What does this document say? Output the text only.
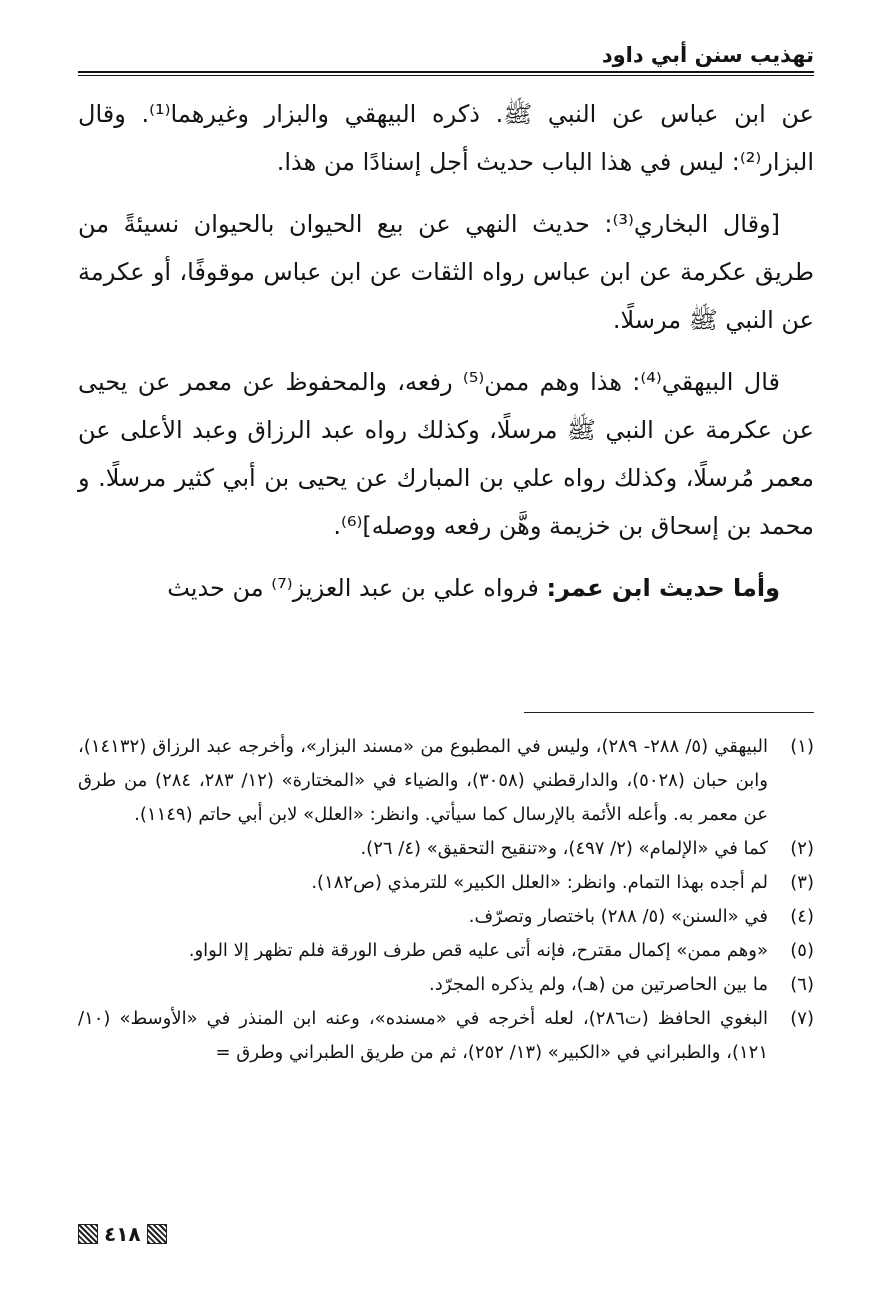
تهذيب سنن أبي داود

عن ابن عباس عن النبي ﷺ. ذكره البيهقي والبزار وغيرهما⁽¹⁾. وقال البزار⁽²⁾: ليس في هذا الباب حديث أجل إسنادًا من هذا.

[وقال البخاري⁽³⁾: حديث النهي عن بيع الحيوان بالحيوان نسيئةً من طريق عكرمة عن ابن عباس رواه الثقات عن ابن عباس موقوفًا، أو عكرمة عن النبي ﷺ مرسلًا.

قال البيهقي⁽⁴⁾: هذا وهم ممن⁽⁵⁾ رفعه، والمحفوظ عن معمر عن يحيى عن عكرمة عن النبي ﷺ مرسلًا، وكذلك رواه عبد الرزاق وعبد الأعلى عن معمر مُرسلًا، وكذلك رواه علي بن المبارك عن يحيى بن أبي كثير مرسلًا. و محمد بن إسحاق بن خزيمة وهَّن رفعه ووصله]⁽⁶⁾.

وأما حديث ابن عمر: فرواه علي بن عبد العزيز⁽⁷⁾ من حديث

(١)
البيهقي (٥/ ٢٨٨- ٢٨٩)، وليس في المطبوع من «مسند البزار»، وأخرجه عبد الرزاق (١٤١٣٢)، وابن حبان (٥٠٢٨)، والدارقطني (٣٠٥٨)، والضياء في «المختارة» (١٢/ ٢٨٣، ٢٨٤) من طرق عن معمر به. وأعله الأئمة بالإرسال كما سيأتي. وانظر: «العلل» لابن أبي حاتم (١١٤٩).
(٢)
كما في «الإلمام» (٢/ ٤٩٧)، و«تنقيح التحقيق» (٤/ ٢٦).
(٣)
لم أجده بهذا التمام. وانظر: «العلل الكبير» للترمذي (ص١٨٢).
(٤)
في «السنن» (٥/ ٢٨٨) باختصار وتصرّف.
(٥)
«وهم ممن» إكمال مقترح، فإنه أتى عليه قص طرف الورقة فلم تظهر إلا الواو.
(٦)
ما بين الحاصرتين من (هـ)، ولم يذكره المجرّد.
(٧)
البغوي الحافظ (ت٢٨٦)، لعله أخرجه في «مسنده»، وعنه ابن المنذر في «الأوسط» (١٠/ ١٢١)، والطبراني في «الكبير» (١٣/ ٢٥٢)، ثم من طريق الطبراني وطرق =
٤١٨
